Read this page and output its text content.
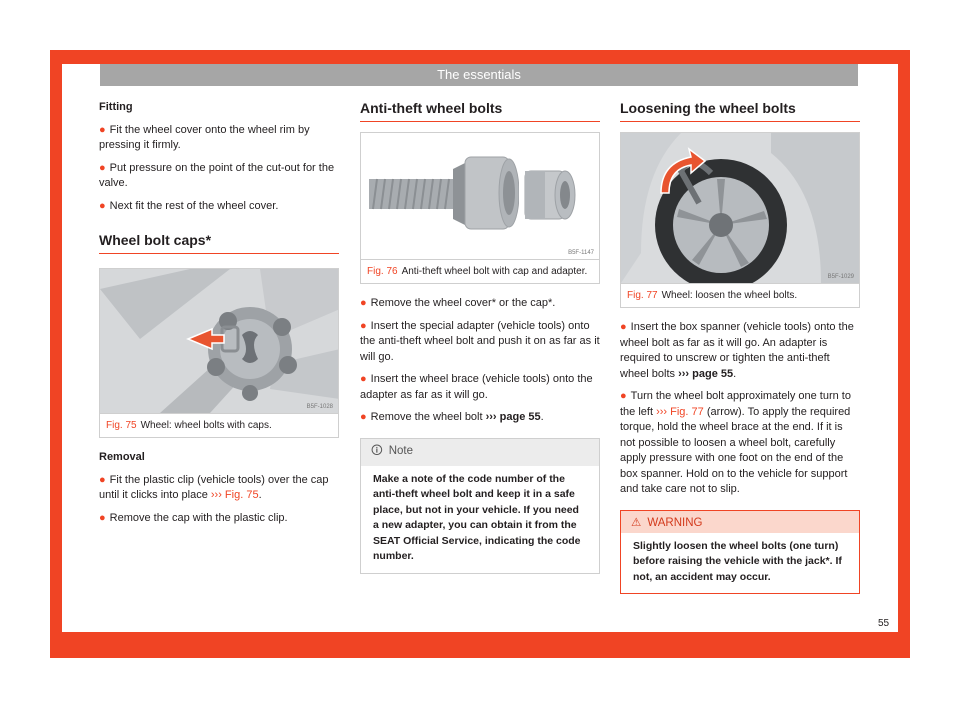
The essentials

Fitting

● Fit the wheel cover onto the wheel rim by pressing it firmly.

● Put pressure on the point of the cut-out for the valve.

● Next fit the rest of the wheel cover.

Wheel bolt caps*
B5F-1028
Fig. 75 Wheel: wheel bolts with caps.

Removal

● Fit the plastic clip (vehicle tools) over the cap until it clicks into place ››› Fig. 75.

● Remove the cap with the plastic clip.

Anti-theft wheel bolts
B5F-1147
Fig. 76 Anti-theft wheel bolt with cap and adapter.

● Remove the wheel cover* or the cap*.

● Insert the special adapter (vehicle tools) onto the anti-theft wheel bolt and push it on as far as it will go.

● Insert the wheel brace (vehicle tools) onto the adapter as far as it will go.

● Remove the wheel bolt ››› page 55.

🛈 Note
Make a note of the code number of the anti-theft wheel bolt and keep it in a safe place, but not in your vehicle. If you need a new adapter, you can obtain it from the SEAT Official Service, indicating the code number.
Loosening the wheel bolts
B5F-1029
Fig. 77 Wheel: loosen the wheel bolts.

● Insert the box spanner (vehicle tools) onto the wheel bolt as far as it will go. An adapter is required to unscrew or tighten the anti-theft wheel bolts ››› page 55.

● Turn the wheel bolt approximately one turn to the left ››› Fig. 77 (arrow). To apply the required torque, hold the wheel brace at the end. If it is not possible to loosen a wheel bolt, carefully apply pressure with one foot on the end of the box spanner. Hold on to the vehicle for support and take care not to slip.

⚠ WARNING
Slightly loosen the wheel bolts (one turn) before raising the vehicle with the jack*. If not, an accident may occur.
55
